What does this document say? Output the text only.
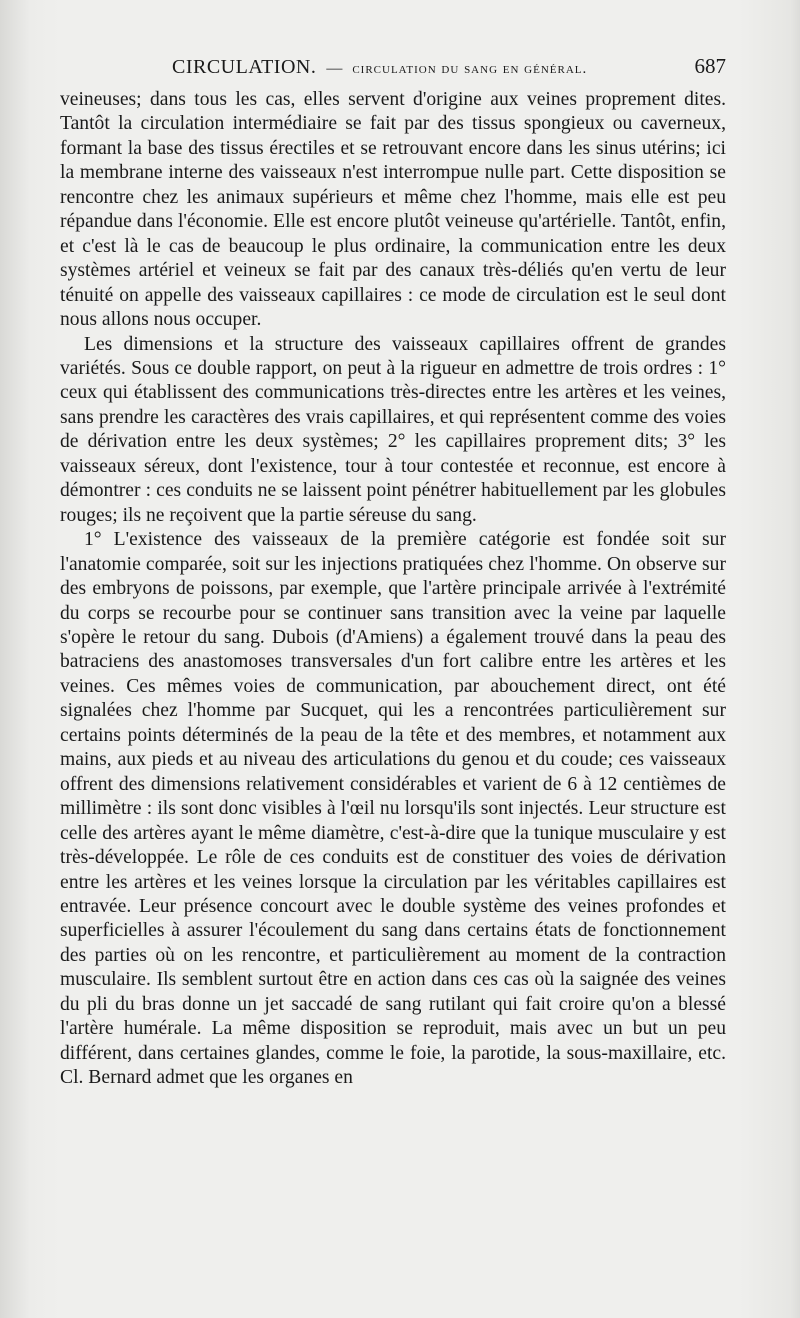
CIRCULATION. — circulation du sang en général.	687

veineuses; dans tous les cas, elles servent d'origine aux veines proprement dites. Tantôt la circulation intermédiaire se fait par des tissus spongieux ou caverneux, formant la base des tissus érectiles et se retrouvant encore dans les sinus utérins; ici la membrane interne des vaisseaux n'est interrompue nulle part. Cette disposition se rencontre chez les animaux supérieurs et même chez l'homme, mais elle est peu répandue dans l'économie. Elle est encore plutôt veineuse qu'artérielle. Tantôt, enfin, et c'est là le cas de beaucoup le plus ordinaire, la communication entre les deux systèmes artériel et veineux se fait par des canaux très-déliés qu'en vertu de leur ténuité on appelle des vaisseaux capillaires : ce mode de circulation est le seul dont nous allons nous occuper.

Les dimensions et la structure des vaisseaux capillaires offrent de grandes variétés. Sous ce double rapport, on peut à la rigueur en admettre de trois ordres : 1° ceux qui établissent des communications très-directes entre les artères et les veines, sans prendre les caractères des vrais capillaires, et qui représentent comme des voies de dérivation entre les deux systèmes; 2° les capillaires proprement dits; 3° les vaisseaux séreux, dont l'existence, tour à tour contestée et reconnue, est encore à démontrer : ces conduits ne se laissent point pénétrer habituellement par les globules rouges; ils ne reçoivent que la partie séreuse du sang.

1° L'existence des vaisseaux de la première catégorie est fondée soit sur l'anatomie comparée, soit sur les injections pratiquées chez l'homme. On observe sur des embryons de poissons, par exemple, que l'artère principale arrivée à l'extrémité du corps se recourbe pour se continuer sans transition avec la veine par laquelle s'opère le retour du sang. Dubois (d'Amiens) a également trouvé dans la peau des batraciens des anastomoses transversales d'un fort calibre entre les artères et les veines. Ces mêmes voies de communication, par abouchement direct, ont été signalées chez l'homme par Sucquet, qui les a rencontrées particulièrement sur certains points déterminés de la peau de la tête et des membres, et notamment aux mains, aux pieds et au niveau des articulations du genou et du coude; ces vaisseaux offrent des dimensions relativement considérables et varient de 6 à 12 centièmes de millimètre : ils sont donc visibles à l'œil nu lorsqu'ils sont injectés. Leur structure est celle des artères ayant le même diamètre, c'est-à-dire que la tunique musculaire y est très-développée. Le rôle de ces conduits est de constituer des voies de dérivation entre les artères et les veines lorsque la circulation par les véritables capillaires est entravée. Leur présence concourt avec le double système des veines profondes et superficielles à assurer l'écoulement du sang dans certains états de fonctionnement des parties où on les rencontre, et particulièrement au moment de la contraction musculaire. Ils semblent surtout être en action dans ces cas où la saignée des veines du pli du bras donne un jet saccadé de sang rutilant qui fait croire qu'on a blessé l'artère humérale. La même disposition se reproduit, mais avec un but un peu différent, dans certaines glandes, comme le foie, la parotide, la sous-maxillaire, etc. Cl. Bernard admet que les organes en
